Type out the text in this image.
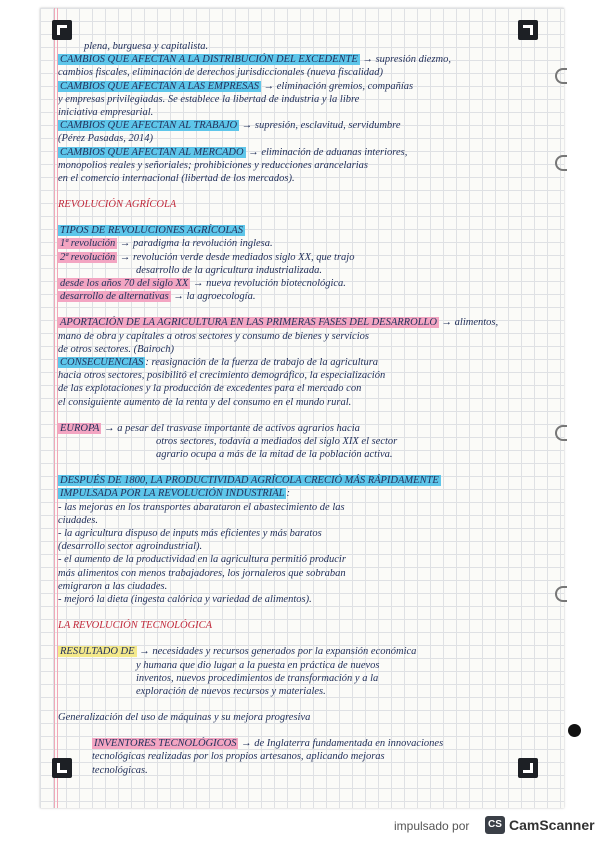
plena, burguesa y capitalista.

CAMBIOS QUE AFECTAN A LA DISTRIBUCIÓN DEL EXCEDENTE → supresión diezmo,

cambios fiscales, eliminación de derechos jurisdiccionales (nueva fiscalidad)

CAMBIOS QUE AFECTAN A LAS EMPRESAS → eliminación gremios, compañías

y empresas privilegiadas. Se establece la libertad de industria y la libre

iniciativa empresarial.

CAMBIOS QUE AFECTAN AL TRABAJO → supresión, esclavitud, servidumbre

(Pérez Pasadas, 2014)

CAMBIOS QUE AFECTAN AL MERCADO → eliminación de aduanas interiores,

monopolios reales y señoriales; prohibiciones y reducciones arancelarias

en el comercio internacional (libertad de los mercados).

REVOLUCIÓN AGRÍCOLA

TIPOS DE REVOLUCIONES AGRÍCOLAS

1ª revolución → paradigma la revolución inglesa.

2ª revolución → revolución verde desde mediados siglo XX, que trajo

desarrollo de la agricultura industrializada.

desde los años 70 del siglo XX → nueva revolución biotecnológica.

desarrollo de alternativas → la agroecología.

APORTACIÓN DE LA AGRICULTURA EN LAS PRIMERAS FASES DEL DESARROLLO → alimentos,

mano de obra y capitales a otros sectores y consumo de bienes y servicios

de otros sectores. (Bairoch)

CONSECUENCIAS : reasignación de la fuerza de trabajo de la agricultura

hacia otros sectores, posibilitó el crecimiento demográfico, la especialización

de las explotaciones y la producción de excedentes para el mercado con

el consiguiente aumento de la renta y del consumo en el mundo rural.

EUROPA → a pesar del trasvase importante de activos agrarios hacia

otros sectores, todavía a mediados del siglo XIX el sector

agrario ocupa a más de la mitad de la población activa.

DESPUÉS DE 1800, LA PRODUCTIVIDAD AGRÍCOLA CRECIÓ MÁS RÁPIDAMENTE

IMPULSADA POR LA REVOLUCIÓN INDUSTRIAL :

- las mejoras en los transportes abarataron el abastecimiento de las

ciudades.

- la agricultura dispuso de inputs más eficientes y más baratos

(desarrollo sector agroindustrial).

- el aumento de la productividad en la agricultura permitió producir

más alimentos con menos trabajadores, los jornaleros que sobraban

emigraron a las ciudades.

- mejoró la dieta (ingesta calórica y variedad de alimentos).

LA REVOLUCIÓN TECNOLÓGICA

RESULTADO DE → necesidades y recursos generados por la expansión económica

y humana que dio lugar a la puesta en práctica de nuevos

inventos, nuevos procedimientos de transformación y a la

exploración de nuevos recursos y materiales.

Generalización del uso de máquinas y su mejora progresiva

INVENTORES TECNOLÓGICOS → de Inglaterra fundamentada en innovaciones

tecnológicas realizadas por los propios artesanos, aplicando mejoras

tecnológicas.

impulsado por	CS CamScanner
